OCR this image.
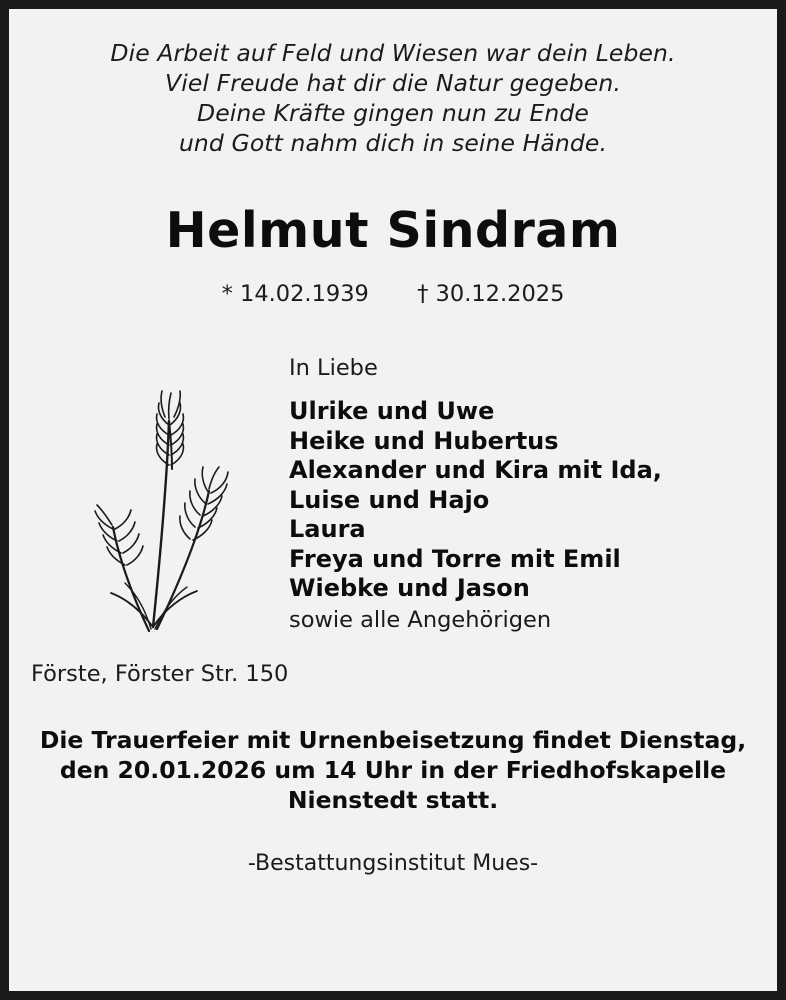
Die Arbeit auf Feld und Wiesen war dein Leben.
Viel Freude hat dir die Natur gegeben.
Deine Kräfte gingen nun zu Ende
und Gott nahm dich in seine Hände.
Helmut Sindram
* 14.02.1939 † 30.12.2025
In Liebe
Ulrike und Uwe
Heike und Hubertus
Alexander und Kira mit Ida,
Luise und Hajo
Laura
Freya und Torre mit Emil
Wiebke und Jason
sowie alle Angehörigen
Förste, Förster Str. 150
Die Trauerfeier mit Urnenbeisetzung findet Dienstag,
den 20.01.2026 um 14 Uhr in der Friedhofskapelle
Nienstedt statt.
-Bestattungsinstitut Mues-
